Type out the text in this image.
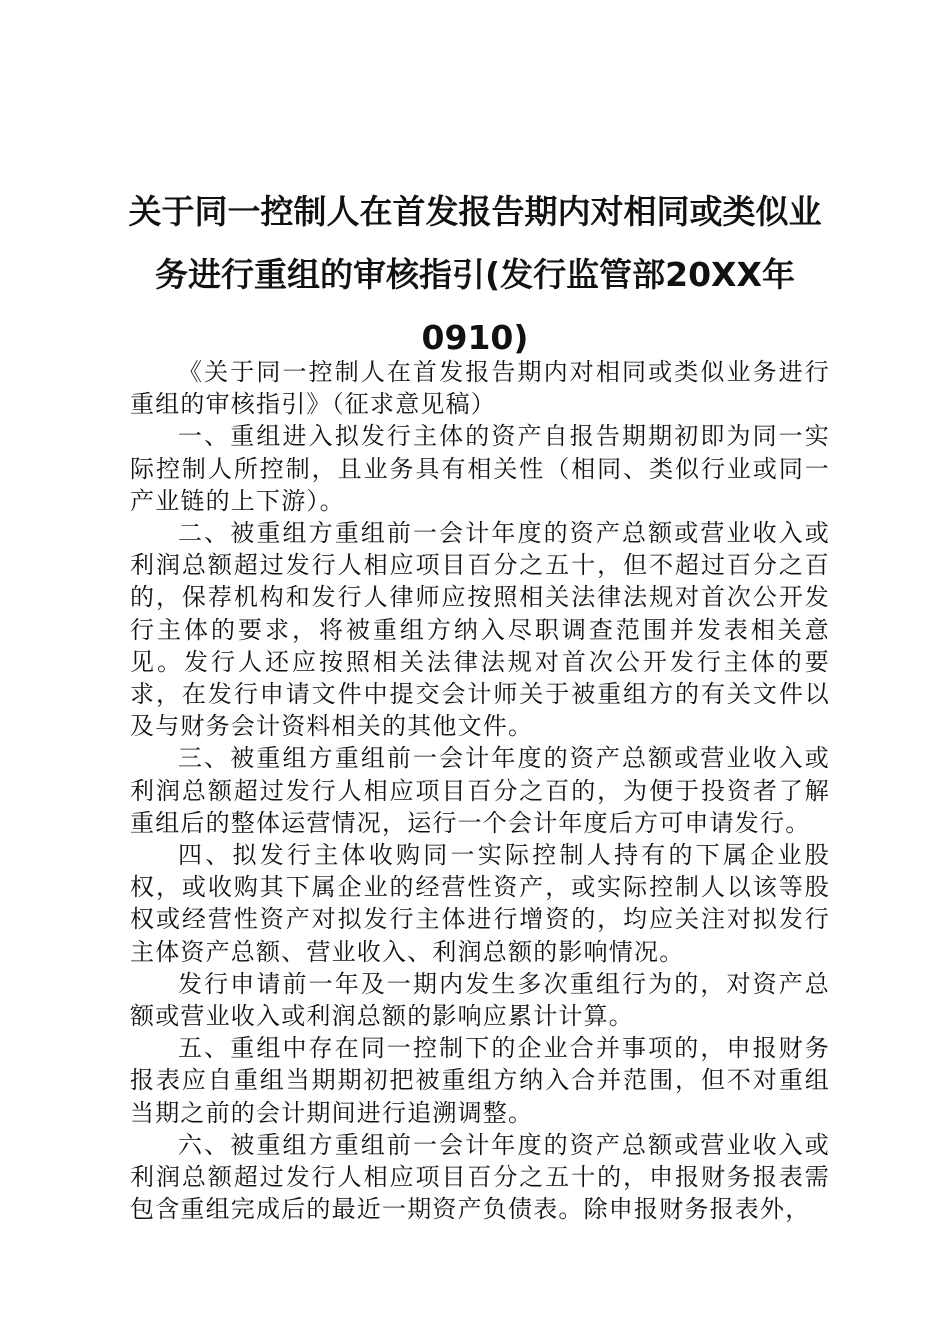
关于同一控制人在首发报告期内对相同或类似业务进行重组的审核指引(发行监管部20XX年0910)

《关于同一控制人在首发报告期内对相同或类似业务进行重组的审核指引》（征求意见稿）

一、重组进入拟发行主体的资产自报告期期初即为同一实际控制人所控制，且业务具有相关性（相同、类似行业或同一产业链的上下游）。

二、被重组方重组前一会计年度的资产总额或营业收入或利润总额超过发行人相应项目百分之五十，但不超过百分之百的，保荐机构和发行人律师应按照相关法律法规对首次公开发行主体的要求，将被重组方纳入尽职调查范围并发表相关意见。发行人还应按照相关法律法规对首次公开发行主体的要求，在发行申请文件中提交会计师关于被重组方的有关文件以及与财务会计资料相关的其他文件。

三、被重组方重组前一会计年度的资产总额或营业收入或利润总额超过发行人相应项目百分之百的，为便于投资者了解重组后的整体运营情况，运行一个会计年度后方可申请发行。

四、拟发行主体收购同一实际控制人持有的下属企业股权，或收购其下属企业的经营性资产，或实际控制人以该等股权或经营性资产对拟发行主体进行增资的，均应关注对拟发行主体资产总额、营业收入、利润总额的影响情况。

发行申请前一年及一期内发生多次重组行为的，对资产总额或营业收入或利润总额的影响应累计计算。

五、重组中存在同一控制下的企业合并事项的，申报财务报表应自重组当期期初把被重组方纳入合并范围，但不对重组当期之前的会计期间进行追溯调整。

六、被重组方重组前一会计年度的资产总额或营业收入或利润总额超过发行人相应项目百分之五十的，申报财务报表需包含重组完成后的最近一期资产负债表。除申报财务报表外，
